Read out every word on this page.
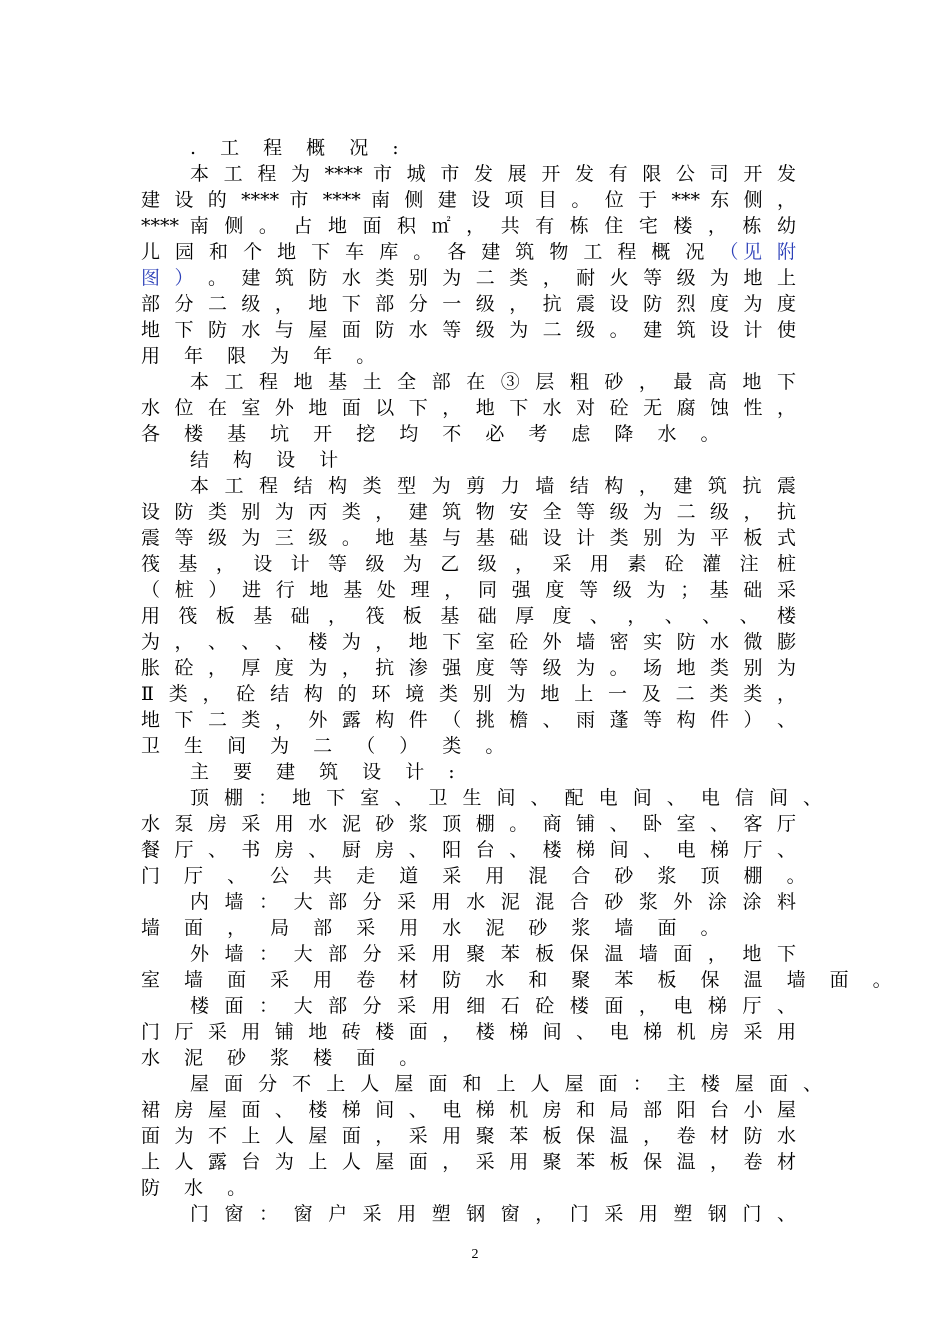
. 工 程 概 况 :
本 工 程 为 **** 市 城 市 发 展 开 发 有 限 公 司 开 发
建 设 的 **** 市 **** 南 侧 建 设 项 目 。 位 于 *** 东 侧 ，
**** 南 侧 。 占 地 面 积 ㎡ ， 共 有 栋 住 宅 楼 ， 栋 幼
儿 园 和 个 地 下 车 库 。 各 建 筑 物 工 程 概 况 （见 附
图 ） 。 建 筑 防 水 类 别 为 二 类 ， 耐 火 等 级 为 地 上
部 分 二 级 ， 地 下 部 分 一 级 ， 抗 震 设 防 烈 度 为 度
地 下 防 水 与 屋 面 防 水 等 级 为 二 级 。 建 筑 设 计 使
用 年 限 为 年 。
本 工 程 地 基 土 全 部 在 ③ 层 粗 砂 ， 最 高 地 下
水 位 在 室 外 地 面 以 下 ， 地 下 水 对 砼 无 腐 蚀 性 ，
各 楼 基 坑 开 挖 均 不 必 考 虑 降 水 。
结 构 设 计
本 工 程 结 构 类 型 为 剪 力 墙 结 构 ， 建 筑 抗 震
设 防 类 别 为 丙 类 ， 建 筑 物 安 全 等 级 为 二 级 ， 抗
震 等 级 为 三 级 。 地 基 与 基 础 设 计 类 别 为 平 板 式
筏 基 ， 设 计 等 级 为 乙 级 ， 采 用 素 砼 灌 注 桩
（ 桩 ） 进 行 地 基 处 理 ， 同 强 度 等 级 为 ； 基 础 采
用 筏 板 基 础 ， 筏 板 基 础 厚 度 、 ， 、 、 、 楼
为 ， 、 、 、 楼 为 ， 地 下 室 砼 外 墙 密 实 防 水 微 膨
胀 砼 ， 厚 度 为 ， 抗 渗 强 度 等 级 为 。 场 地 类 别 为
Ⅱ 类 ， 砼 结 构 的 环 境 类 别 为 地 上 一 及 二 类 类 ，
地 下 二 类 ， 外 露 构 件 （ 挑 檐 、 雨 蓬 等 构 件 ） 、
卫 生 间 为 二 （ ） 类 。
主 要 建 筑 设 计 :
顶 棚 ： 地 下 室 、 卫 生 间 、 配 电 间 、 电 信 间 、
水 泵 房 采 用 水 泥 砂 浆 顶 棚 。 商 铺 、 卧 室 、 客 厅
餐 厅 、 书 房 、 厨 房 、 阳 台 、 楼 梯 间 、 电 梯 厅 、
门 厅 、 公 共 走 道 采 用 混 合 砂 浆 顶 棚 。
内 墙 ： 大 部 分 采 用 水 泥 混 合 砂 浆 外 涂 涂 料
墙 面 ， 局 部 采 用 水 泥 砂 浆 墙 面 。
外 墙 ： 大 部 分 采 用 聚 苯 板 保 温 墙 面 ， 地 下
室 墙 面 采 用 卷 材 防 水 和 聚 苯 板 保 温 墙 面 。
楼 面 ： 大 部 分 采 用 细 石 砼 楼 面 ， 电 梯 厅 、
门 厅 采 用 铺 地 砖 楼 面 ， 楼 梯 间 、 电 梯 机 房 采 用
水 泥 砂 浆 楼 面 。
屋 面 分 不 上 人 屋 面 和 上 人 屋 面 ： 主 楼 屋 面 、
裙 房 屋 面 、 楼 梯 间 、 电 梯 机 房 和 局 部 阳 台 小 屋
面 为 不 上 人 屋 面 ， 采 用 聚 苯 板 保 温 ， 卷 材 防 水
上 人 露 台 为 上 人 屋 面 ， 采 用 聚 苯 板 保 温 ， 卷 材
防 水 。
门 窗 ： 窗 户 采 用 塑 钢 窗 ， 门 采 用 塑 钢 门 、
2
